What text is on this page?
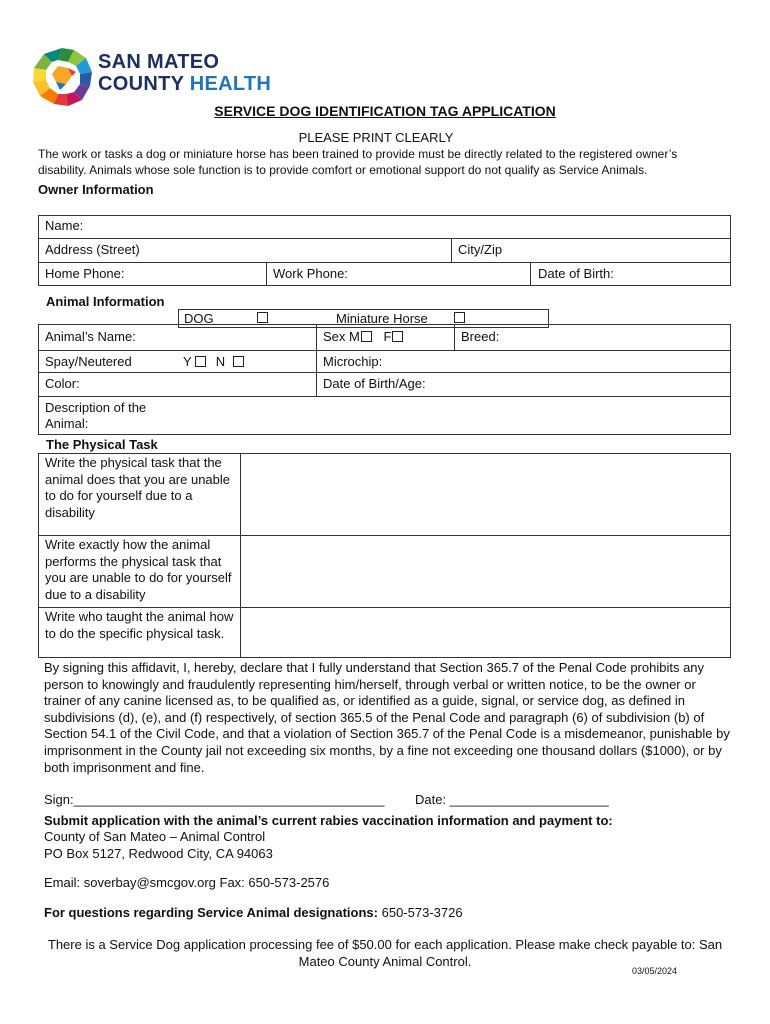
SAN MATEO
COUNTY HEALTH
SERVICE DOG IDENTIFICATION TAG APPLICATION
PLEASE PRINT CLEARLY
The work or tasks a dog or miniature horse has been trained to provide must be directly related to the registered owner’s disability. Animals whose sole function is to provide comfort or emotional support do not qualify as Service Animals.
Owner Information
Name:
Address (Street)	City/Zip
Home Phone:	Work Phone:	Date of Birth:
Animal Information
DOG	Miniature Horse
Animal’s Name:	Sex M F	Breed:
Spay/Neutered	Y N	Microchip:
Color:	Date of Birth/Age:
Description of the Animal:
The Physical Task
Write the physical task that the animal does that you are unable to do for yourself due to a disability
Write exactly how the animal performs the physical task that you are unable to do for yourself due to a disability
Write who taught the animal how to do the specific physical task.
By signing this affidavit, I, hereby, declare that I fully understand that Section 365.7 of the Penal Code prohibits any person to knowingly and fraudulently representing him/herself, through verbal or written notice, to be the owner or trainer of any canine licensed as, to be qualified as, or identified as a guide, signal, or service dog, as defined in subdivisions (d), (e), and (f) respectively, of section 365.5 of the Penal Code and paragraph (6) of subdivision (b) of Section 54.1 of the Civil Code, and that a violation of Section 365.7 of the Penal Code is a misdemeanor, punishable by imprisonment in the County jail not exceeding six months, by a fine not exceeding one thousand dollars ($1000), or by both imprisonment and fine.
Sign:___________________________________________ Date: ______________________
Submit application with the animal’s current rabies vaccination information and payment to:
County of San Mateo – Animal Control
PO Box 5127, Redwood City, CA 94063
Email: soverbay@smcgov.org Fax: 650-573-2576
For questions regarding Service Animal designations: 650-573-3726
There is a Service Dog application processing fee of $50.00 for each application. Please make check payable to: San Mateo County Animal Control.
03/05/2024
